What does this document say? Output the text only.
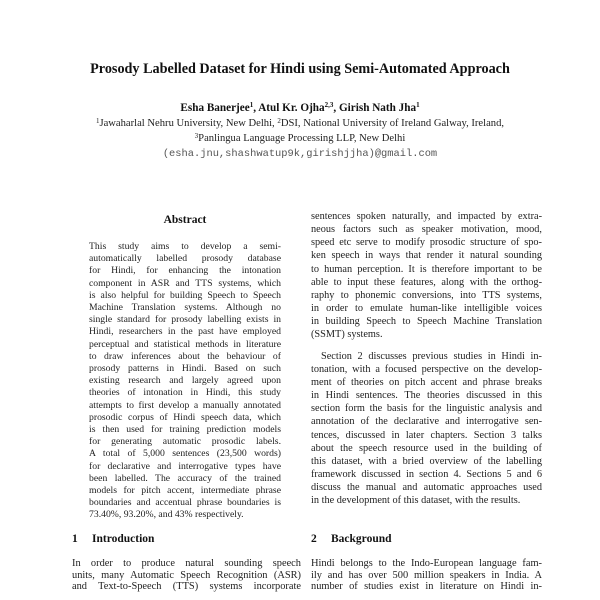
Prosody Labelled Dataset for Hindi using Semi-Automated Approach
Esha Banerjee$^1$, Atul Kr. Ojha$^{2,3}$, Girish Nath Jha$^1$
$^1$Jawaharlal Nehru University, New Delhi, $^2$DSI, National University of Ireland Galway, Ireland,
$^3$Panlingua Language Processing LLP, New Delhi
(esha.jnu,shashwatup9k,girishjjha)@gmail.com
Abstract
This study aims to develop a semi-
automatically labelled prosody database
for Hindi, for enhancing the intonation
component in ASR and TTS systems, which
is also helpful for building Speech to Speech
Machine Translation systems. Although no
single standard for prosody labelling exists in
Hindi, researchers in the past have employed
perceptual and statistical methods in literature
to draw inferences about the behaviour of
prosody patterns in Hindi. Based on such
existing research and largely agreed upon
theories of intonation in Hindi, this study
attempts to first develop a manually annotated
prosodic corpus of Hindi speech data, which
is then used for training prediction models
for generating automatic prosodic labels.
A total of 5,000 sentences (23,500 words)
for declarative and interrogative types have
been labelled. The accuracy of the trained
models for pitch accent, intermediate phrase
boundaries and accentual phrase boundaries is
73.40%, 93.20%, and 43% respectively.
1 Introduction
In order to produce natural sounding speech
units, many Automatic Speech Recognition (ASR)
and Text-to-Speech (TTS) systems incorporate
sentences spoken naturally, and impacted by extra-
neous factors such as speaker motivation, mood,
speed etc serve to modify prosodic structure of spo-
ken speech in ways that render it natural sounding
to human perception. It is therefore important to be
able to input these features, along with the orthog-
raphy to phonemic conversions, into TTS systems,
in order to emulate human-like intelligible voices
in building Speech to Speech Machine Translation
(SSMT) systems.
Section 2 discusses previous studies in Hindi in-
tonation, with a focused perspective on the develop-
ment of theories on pitch accent and phrase breaks
in Hindi sentences. The theories discussed in this
section form the basis for the linguistic analysis and
annotation of the declarative and interrogative sen-
tences, discussed in later chapters. Section 3 talks
about the speech resource used in the building of
this dataset, with a bried overview of the labelling
framework discussed in section 4. Sections 5 and 6
discuss the manual and automatic approaches used
in the development of this dataset, with the results.
2 Background
Hindi belongs to the Indo-European language fam-
ily and has over 500 million speakers in India. A
number of studies exist in literature on Hindi in-
